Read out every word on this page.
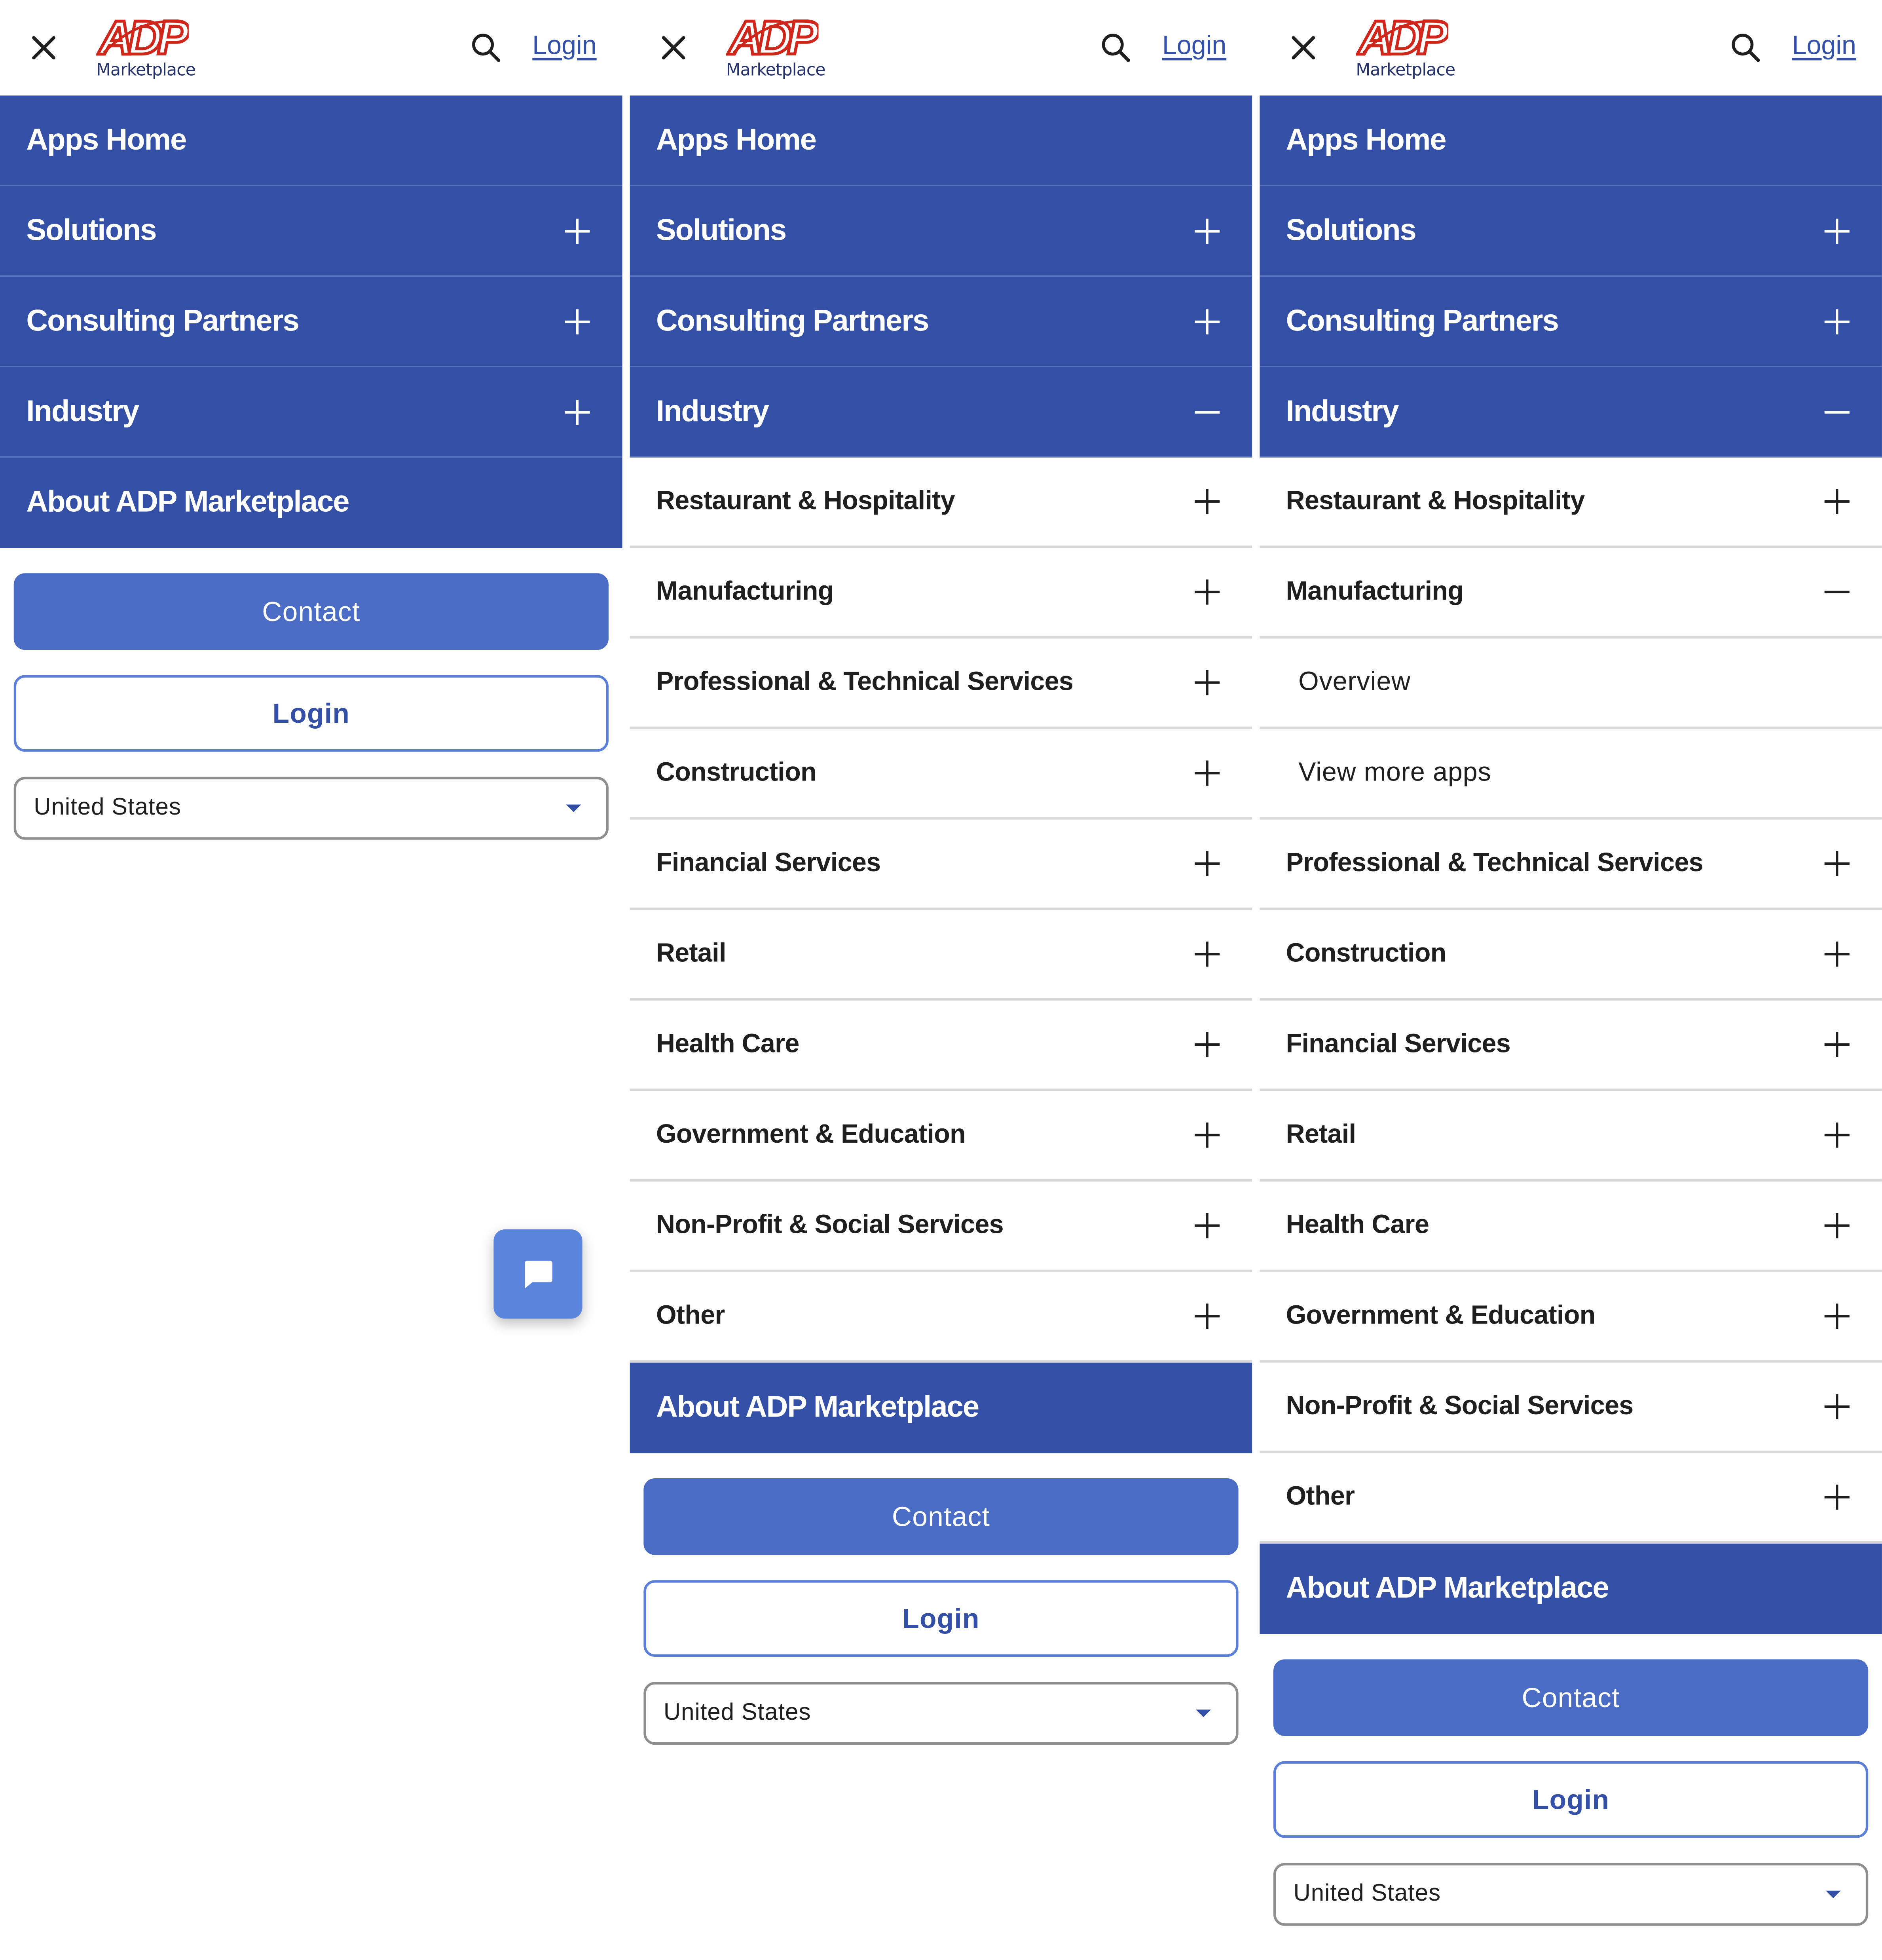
ADP
Marketplace
Login
Apps Home
Solutions
Consulting Partners
Industry
About ADP Marketplace
Contact
Login
United States
ADP
Marketplace
Login
Apps Home
Solutions
Consulting Partners
Industry
Restaurant & Hospitality
Manufacturing
Professional & Technical Services
Construction
Financial Services
Retail
Health Care
Government & Education
Non-Profit & Social Services
Other
About ADP Marketplace
Contact
Login
United States
ADP
Marketplace
Login
Apps Home
Solutions
Consulting Partners
Industry
Restaurant & Hospitality
Manufacturing
Overview
View more apps
Professional & Technical Services
Construction
Financial Services
Retail
Health Care
Government & Education
Non-Profit & Social Services
Other
About ADP Marketplace
Contact
Login
United States
